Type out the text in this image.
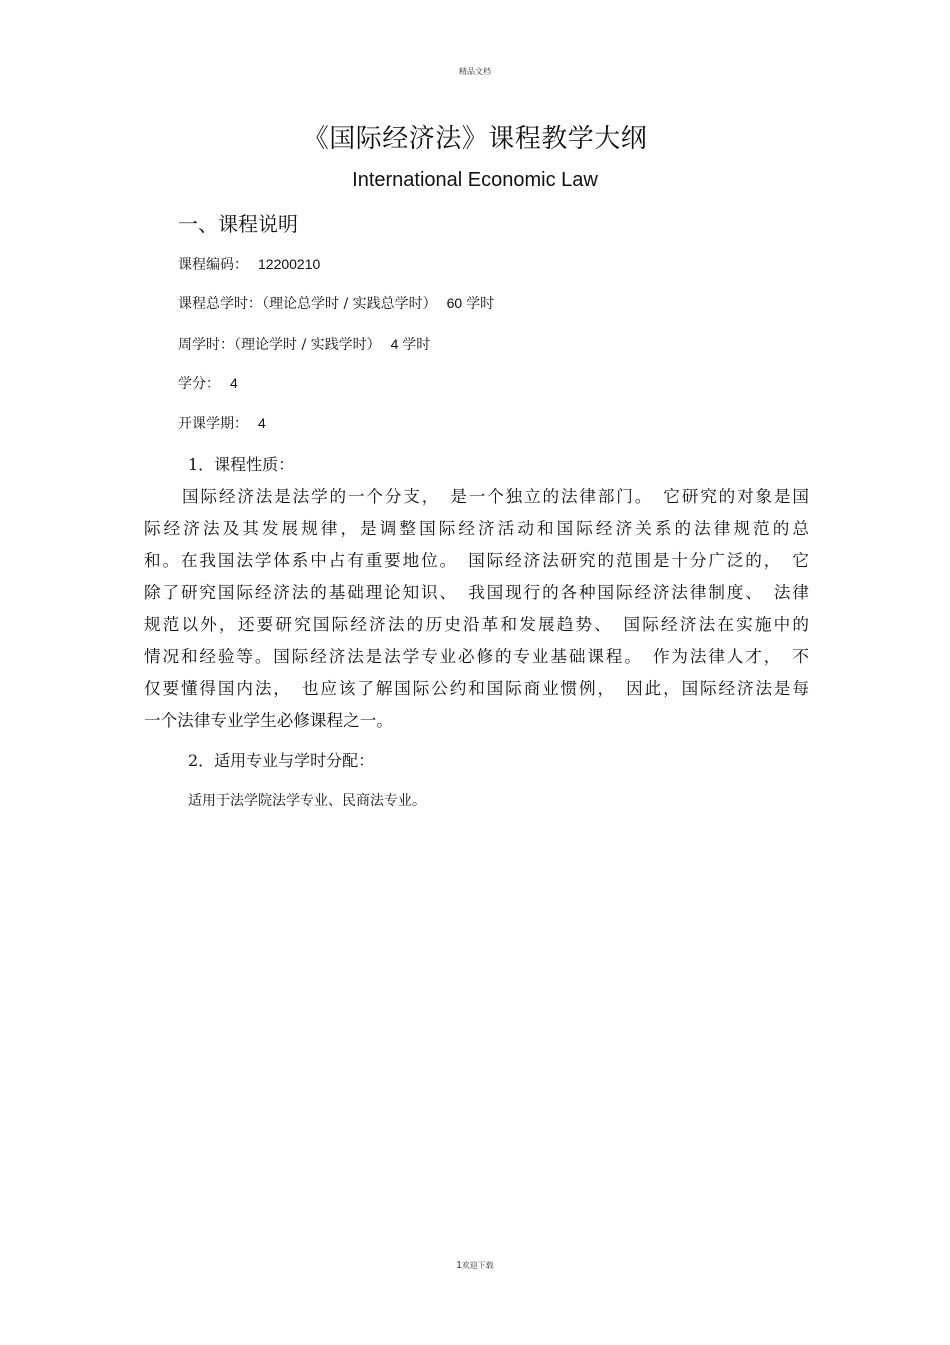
精品文档
《国际经济法》课程教学大纲
International Economic Law
一、课程说明
课程编码： 12200210
课程总学时：（理论总学时 / 实践总学时） 60 学时
周学时：（理论学时 / 实践学时） 4 学时
学分： 4
开课学期： 4
1．课程性质：
国际经济法是法学的一个分支，　是一个独立的法律部门。　它研究的对象是国
际经济法及其发展规律，是调整国际经济活动和国际经济关系的法律规范的总
和。在我国法学体系中占有重要地位。　国际经济法研究的范围是十分广泛的，　它
除了研究国际经济法的基础理论知识、　我国现行的各种国际经济法律制度、　法律
规范以外，还要研究国际经济法的历史沿革和发展趋势、　国际经济法在实施中的
情况和经验等。国际经济法是法学专业必修的专业基础课程。　作为法律人才，　不
仅要懂得国内法，　也应该了解国际公约和国际商业惯例，　因此，国际经济法是每
一个法律专业学生必修课程之一。
2．适用专业与学时分配：
适用于法学院法学专业、民商法专业。
1欢迎下载
